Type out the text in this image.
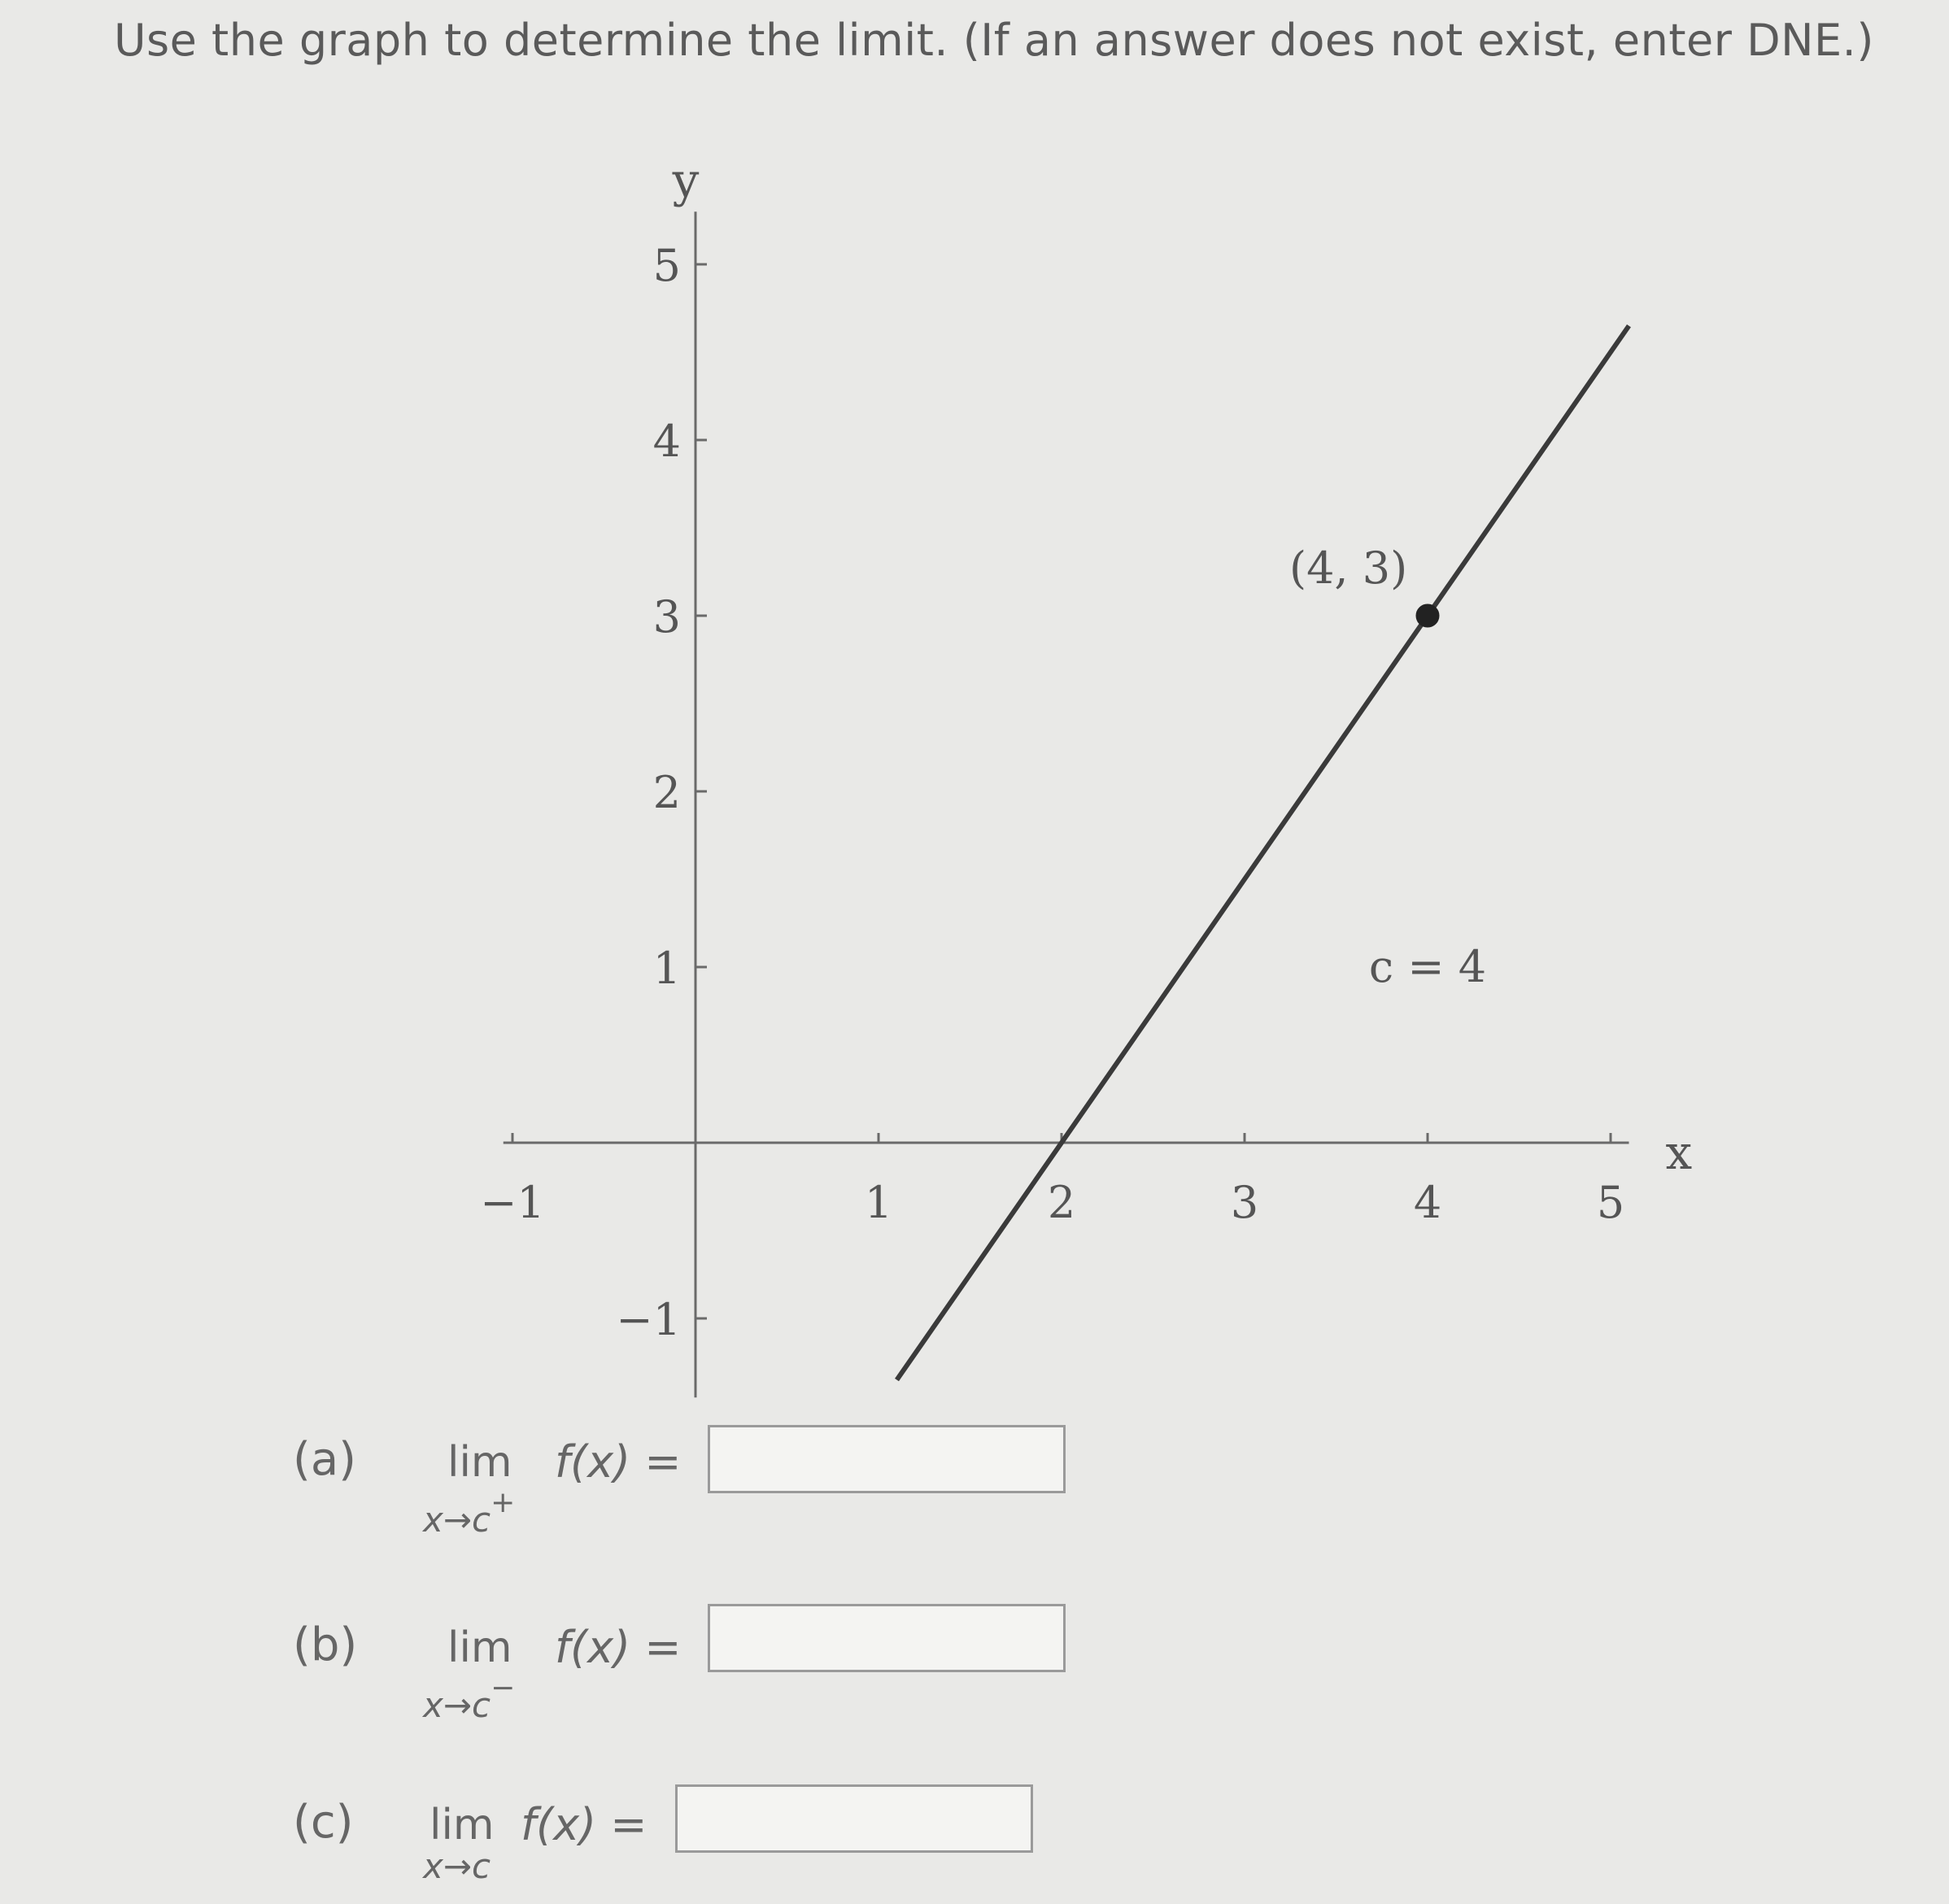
Use the graph to determine the limit. (If an answer does not exist, enter DNE.)
−1	1	2	3	4	5
−1
1
2
3
4
5
x
y
(4, 3)
c = 4
(a) lim
x→c+
f(x) =
(b) lim
x→c−
f(x) =
(c) lim
x→c
f(x) =
